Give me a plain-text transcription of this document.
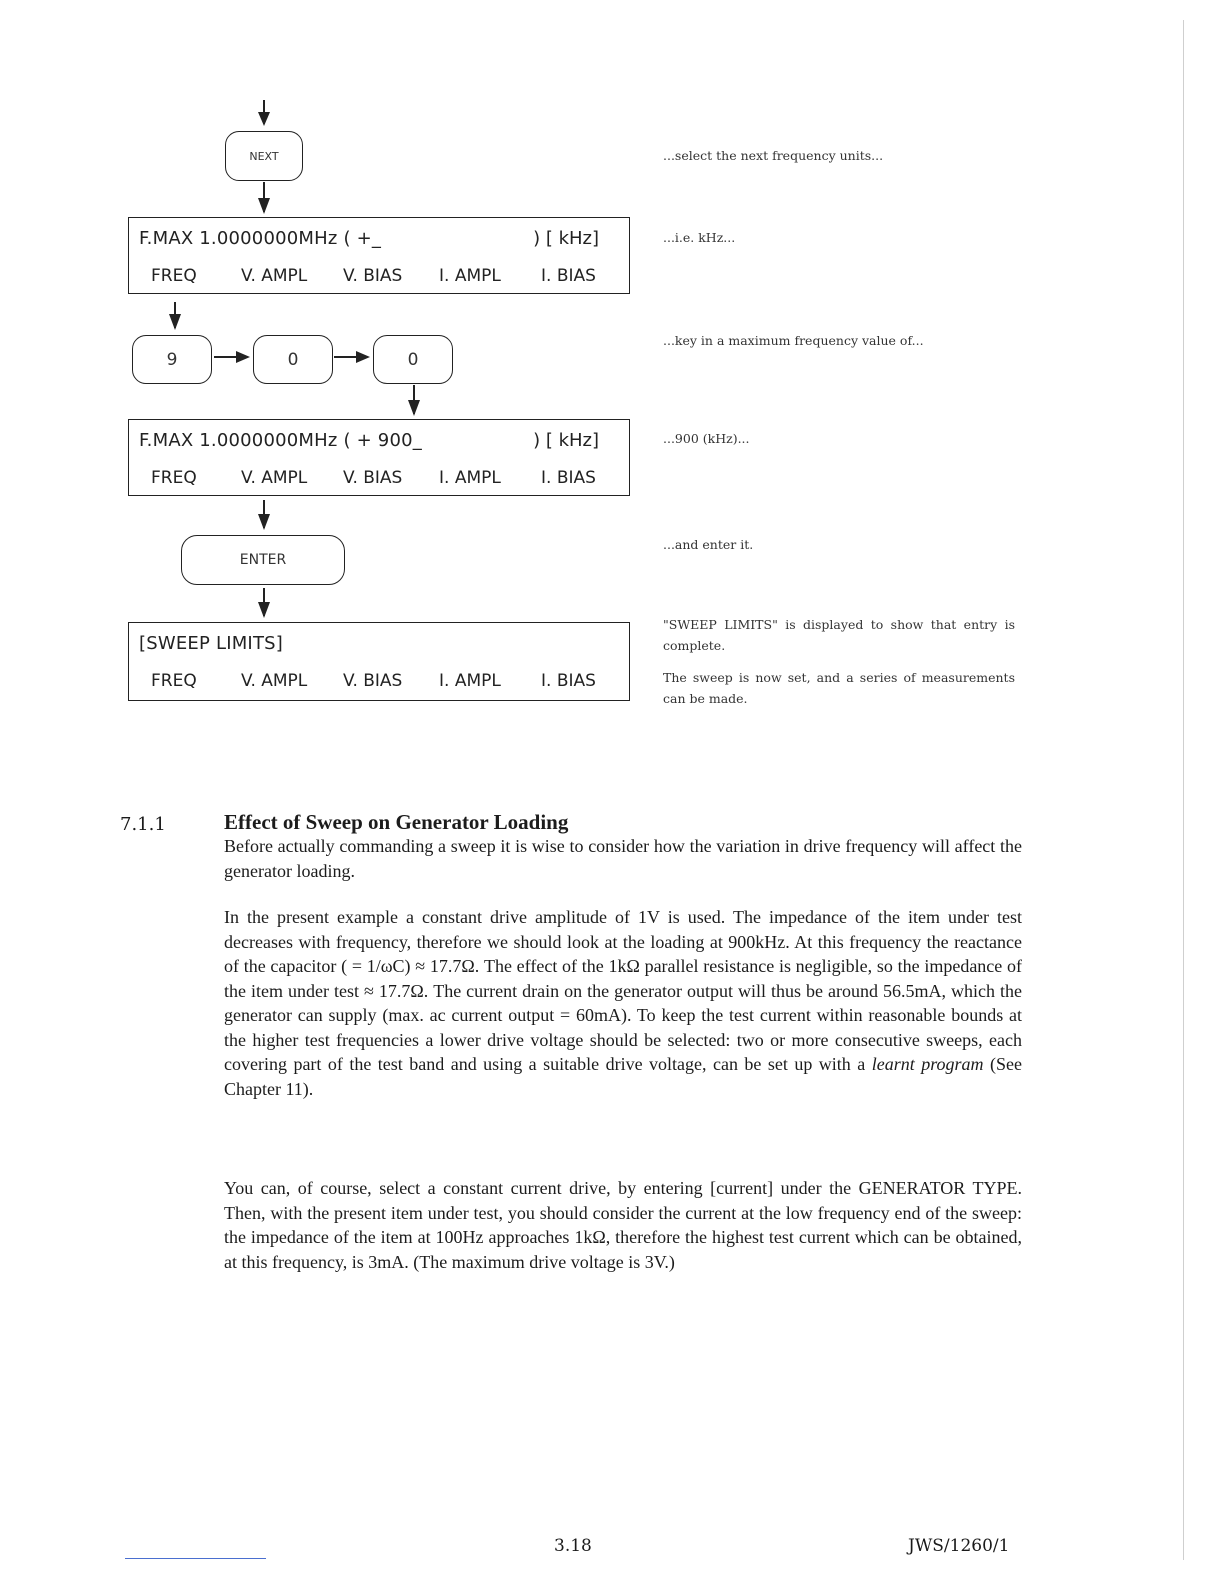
NEXT
9	0	0
ENTER
F.MAX 1.0000000MHz ( +_	) [ kHz]
FREQ	V. AMPL V. BIAS I. AMPL I. BIAS
F.MAX 1.0000000MHz ( + 900_	) [ kHz]
FREQ	V. AMPL V. BIAS I. AMPL I. BIAS
[SWEEP LIMITS]
FREQ	V. AMPL V. BIAS I. AMPL I. BIAS
...select the next frequency units...
...i.e. kHz...
...key in a maximum frequency value of...
...900 (kHz)...
...and enter it.
"SWEEP LIMITS" is displayed to show that entry is complete.
The sweep is now set, and a series of measurements can be made.
7.1.1	Effect of Sweep on Generator Loading

Before actually commanding a sweep it is wise to consider how the variation in drive frequency will affect the generator loading.

In the present example a constant drive amplitude of 1V is used. The impedance of the item under test decreases with frequency, therefore we should look at the loading at 900kHz. At this frequency the reactance of the capacitor ( = 1/ωC) ≈ 17.7Ω. The effect of the 1kΩ parallel resistance is negligible, so the impedance of the item under test ≈ 17.7Ω. The current drain on the generator output will thus be around 56.5mA, which the generator can supply (max. ac current output = 60mA). To keep the test current within reasonable bounds at the higher test frequencies a lower drive voltage should be selected: two or more consecutive sweeps, each covering part of the test band and using a suitable drive voltage, can be set up with a learnt program (See Chapter 11).

You can, of course, select a constant current drive, by entering [current] under the GENERATOR TYPE. Then, with the present item under test, you should consider the current at the low frequency end of the sweep: the impedance of the item at 100Hz approaches 1kΩ, therefore the highest test current which can be obtained, at this frequency, is 3mA. (The maximum drive voltage is 3V.)

3.18	JWS/1260/1
